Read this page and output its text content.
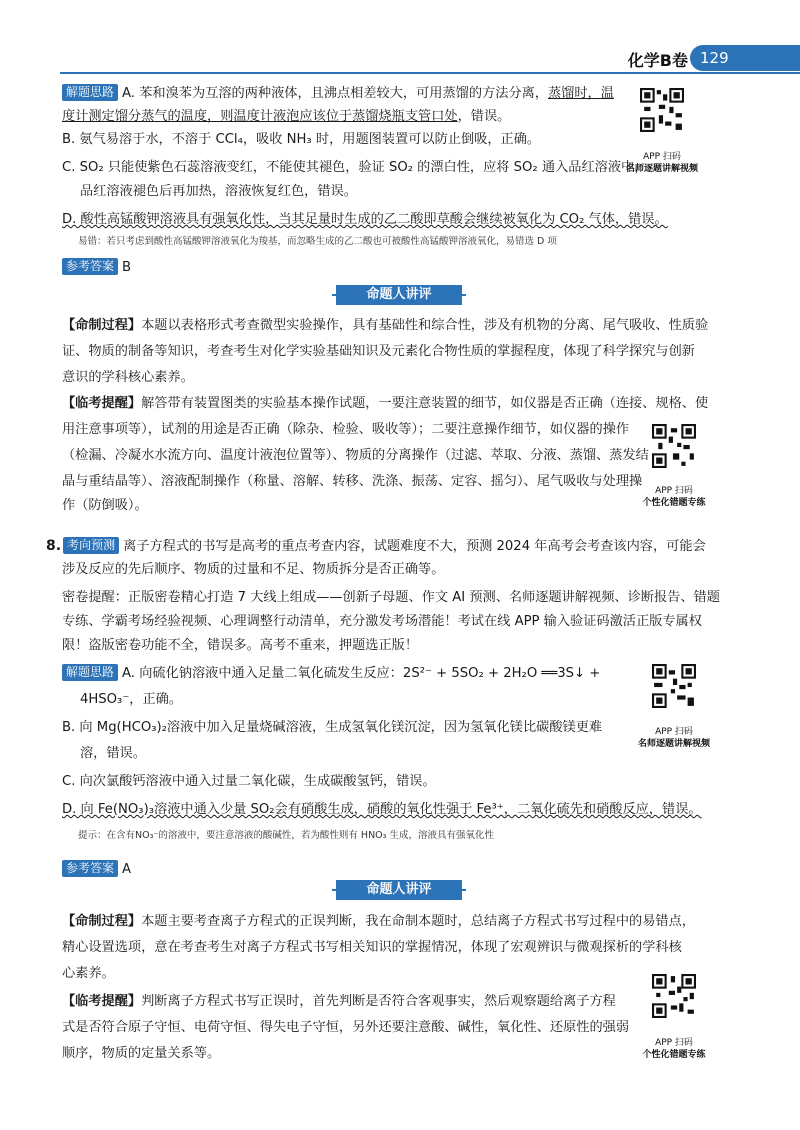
化学B卷 129
解题思路 A. 苯和溴苯为互溶的两种液体，且沸点相差较大，可用蒸馏的方法分离，蒸馏时，温
度计测定馏分蒸气的温度，则温度计液泡应该位于蒸馏烧瓶支管口处，错误。
B. 氨气易溶于水，不溶于 CCl₄，吸收 NH₃ 时，用题图装置可以防止倒吸，正确。
C. SO₂ 只能使紫色石蕊溶液变红，不能使其褪色，验证 SO₂ 的漂白性，应将 SO₂ 通入品红溶液中，
品红溶液褪色后再加热，溶液恢复红色，错误。
D. 酸性高锰酸钾溶液具有强氧化性，当其足量时生成的乙二酸即草酸会继续被氧化为 CO₂ 气体，错误。
易错：若只考虑到酸性高锰酸钾溶液氧化为羧基，而忽略生成的乙二酸也可被酸性高锰酸钾溶液氧化，易错选 D 项
APP 扫码
名师逐题讲解视频
参考答案 B
命题人讲评
【命制过程】本题以表格形式考查微型实验操作，具有基础性和综合性，涉及有机物的分离、尾气吸收、性质验
证、物质的制备等知识，考查考生对化学实验基础知识及元素化合物性质的掌握程度，体现了科学探究与创新
意识的学科核心素养。
【临考提醒】解答带有装置图类的实验基本操作试题，一要注意装置的细节，如仪器是否正确（连接、规格、使
用注意事项等），试剂的用途是否正确（除杂、检验、吸收等）；二要注意操作细节，如仪器的操作
（检漏、冷凝水水流方向、温度计液泡位置等）、物质的分离操作（过滤、萃取、分液、蒸馏、蒸发结
晶与重结晶等）、溶液配制操作（称量、溶解、转移、洗涤、振荡、定容、摇匀）、尾气吸收与处理操
作（防倒吸）。
APP 扫码
个性化错题专练
8. 考向预测 离子方程式的书写是高考的重点考查内容，试题难度不大，预测 2024 年高考会考查该内容，可能会
涉及反应的先后顺序、物质的过量和不足、物质拆分是否正确等。
密卷提醒：正版密卷精心打造 7 大线上组成——创新子母题、作文 AI 预测、名师逐题讲解视频、诊断报告、错题
专练、学霸考场经验视频、心理调整行动清单，充分激发考场潜能！考试在线 APP 输入验证码激活正版专属权
限！盗版密卷功能不全，错误多。高考不重来，押题选正版！
解题思路 A. 向硫化钠溶液中通入足量二氧化硫发生反应：2S²⁻ + 5SO₂ + 2H₂O ══3S↓ +
4HSO₃⁻，正确。
B. 向 Mg(HCO₃)₂溶液中加入足量烧碱溶液，生成氢氧化镁沉淀，因为氢氧化镁比碳酸镁更难
溶，错误。
C. 向次氯酸钙溶液中通入过量二氧化碳，生成碳酸氢钙，错误。
D. 向 Fe(NO₃)₃溶液中通入少量 SO₂会有硝酸生成，硝酸的氧化性强于 Fe³⁺，二氧化硫先和硝酸反应，错误。
提示：在含有NO₃⁻的溶液中，要注意溶液的酸碱性，若为酸性则有 HNO₃ 生成，溶液具有强氧化性
APP 扫码
名师逐题讲解视频
参考答案 A
命题人讲评
【命制过程】本题主要考查离子方程式的正误判断，我在命制本题时，总结离子方程式书写过程中的易错点，
精心设置选项，意在考查考生对离子方程式书写相关知识的掌握情况，体现了宏观辨识与微观探析的学科核
心素养。
【临考提醒】判断离子方程式书写正误时，首先判断是否符合客观事实，然后观察题给离子方程
式是否符合原子守恒、电荷守恒、得失电子守恒，另外还要注意酸、碱性，氧化性、还原性的强弱
顺序，物质的定量关系等。
APP 扫码
个性化错题专练
